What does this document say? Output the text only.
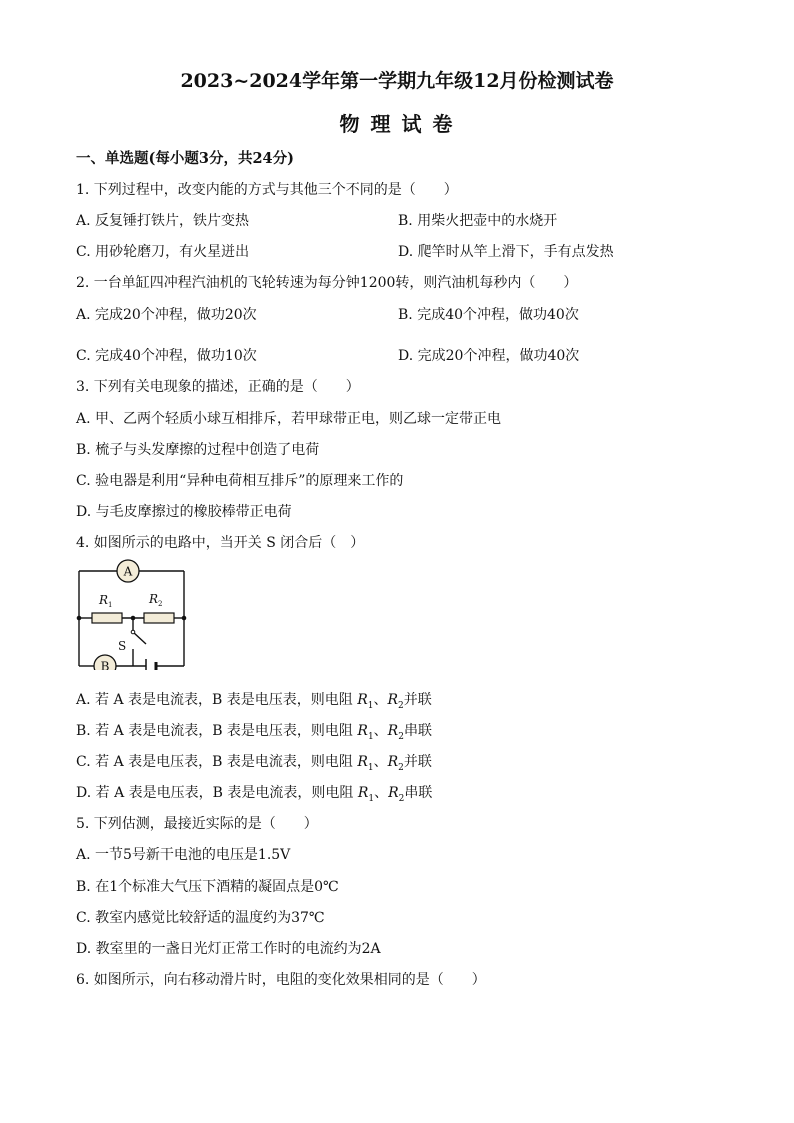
2023~2024学年第一学期九年级12月份检测试卷
物 理 试 卷
一、单选题(每小题3分，共24分)
1. 下列过程中，改变内能的方式与其他三个不同的是（　　）
A. 反复锤打铁片，铁片变热	B. 用柴火把壶中的水烧开
C. 用砂轮磨刀，有火星迸出	D. 爬竿时从竿上滑下，手有点发热
2. 一台单缸四冲程汽油机的飞轮转速为每分钟1200转，则汽油机每秒内（　　）
A. 完成20个冲程，做功20次	B. 完成40个冲程，做功40次
C. 完成40个冲程，做功10次	D. 完成20个冲程，做功40次
3. 下列有关电现象的描述，正确的是（　　）
A. 甲、乙两个轻质小球互相排斥，若甲球带正电，则乙球一定带正电
B. 梳子与头发摩擦的过程中创造了电荷
C. 验电器是利用“异种电荷相互排斥”的原理来工作的
D. 与毛皮摩擦过的橡胶棒带正电荷
4. 如图所示的电路中，当开关 S 闭合后（　）
A
B
R 1	R 2
S
A. 若 A 表是电流表，B 表是电压表，则电阻 $R_1$、$R_2$并联
B. 若 A 表是电流表，B 表是电压表，则电阻 $R_1$、$R_2$串联
C. 若 A 表是电压表，B 表是电流表，则电阻 $R_1$、$R_2$并联
D. 若 A 表是电压表，B 表是电流表，则电阻 $R_1$、$R_2$串联
5. 下列估测，最接近实际的是（　　）
A. 一节5号新干电池的电压是1.5V
B. 在1个标准大气压下酒精的凝固点是0℃
C. 教室内感觉比较舒适的温度约为37℃
D. 教室里的一盏日光灯正常工作时的电流约为2A
6. 如图所示，向右移动滑片时，电阻的变化效果相同的是（　　）
